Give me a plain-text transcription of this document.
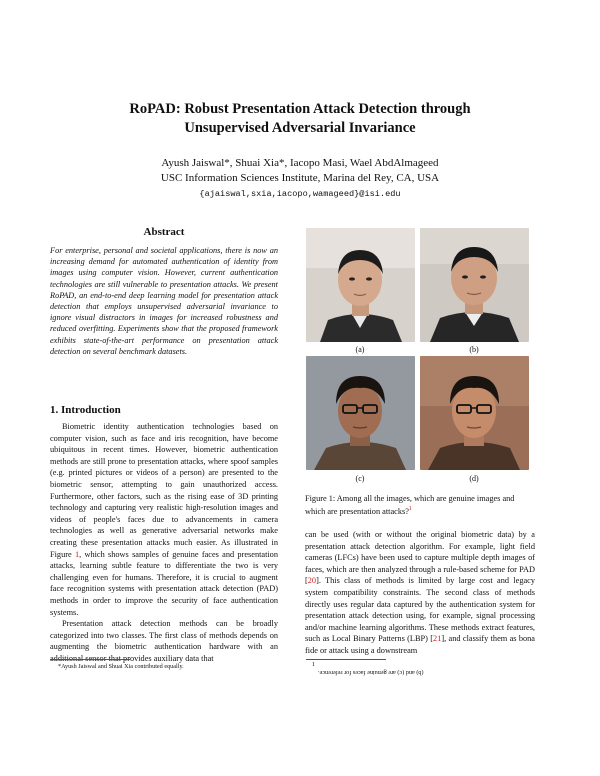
RoPAD: Robust Presentation Attack Detection through
Unsupervised Adversarial Invariance
Ayush Jaiswal*, Shuai Xia*, Iacopo Masi, Wael AbdAlmageed
USC Information Sciences Institute, Marina del Rey, CA, USA
{ajaiswal,sxia,iacopo,wamageed}@isi.edu
Abstract
For enterprise, personal and societal applications, there is now an increasing demand for automated authentication of identity from images using computer vision. However, current authentication technologies are still vulnerable to presentation attacks. We present RoPAD, an end-to-end deep learning model for presentation attack detection that employs unsupervised adversarial invariance to ignore visual distractors in images for increased robustness and reduced overfitting. Experiments show that the proposed framework exhibits state-of-the-art performance on presentation attack detection on several benchmark datasets.
1. Introduction

Biometric identity authentication technologies based on computer vision, such as face and iris recognition, have become ubiquitous in recent times. However, biometric authentication methods are still prone to presentation attacks, where spoof samples (e.g. printed pictures or videos of a person) are presented to the biometric sensor, attempting to gain unauthorized access. Furthermore, other factors, such as the rising ease of 3D printing technology and capturing very realistic high-resolution images and videos of people's faces due to advancements in camera technologies as well as generative adversarial networks make creating these presentation attacks much easier. As illustrated in Figure 1, which shows samples of genuine faces and presentation attacks, learning subtle feature to differentiate the two is very challenging even for humans. Therefore, it is crucial to augment face recognition systems with presentation attack detection (PAD) methods in order to improve the security of face authentication systems.

Presentation attack detection methods can be broadly categorized into two classes. The first class of methods depends on augmenting the biometric authentication hardware with an additional sensor that provides auxiliary data that

*Ayush Jaiswal and Shuai Xia contributed equally.
(a)	(b)
(c)	(d)
Figure 1: Among all the images, which are genuine images and which are presentation attacks?$^1$

can be used (with or without the original biometric data) by a presentation attack detection algorithm. For example, light field cameras (LFCs) have been used to capture multiple depth images of faces, which are then analyzed through a rule-based scheme for PAD [20]. This class of methods is limited by large cost and legacy system compatibility constraints. The second class of methods directly uses regular data captured by the authentication system for presentation attack detection using, for example, signal processing and/or machine learning algorithms. These methods extract features, such as Local Binary Patterns (LBP) [21], and classify them as bona fide or attack using a downstream

1
(b) and (c) are genuine faces for reference.
